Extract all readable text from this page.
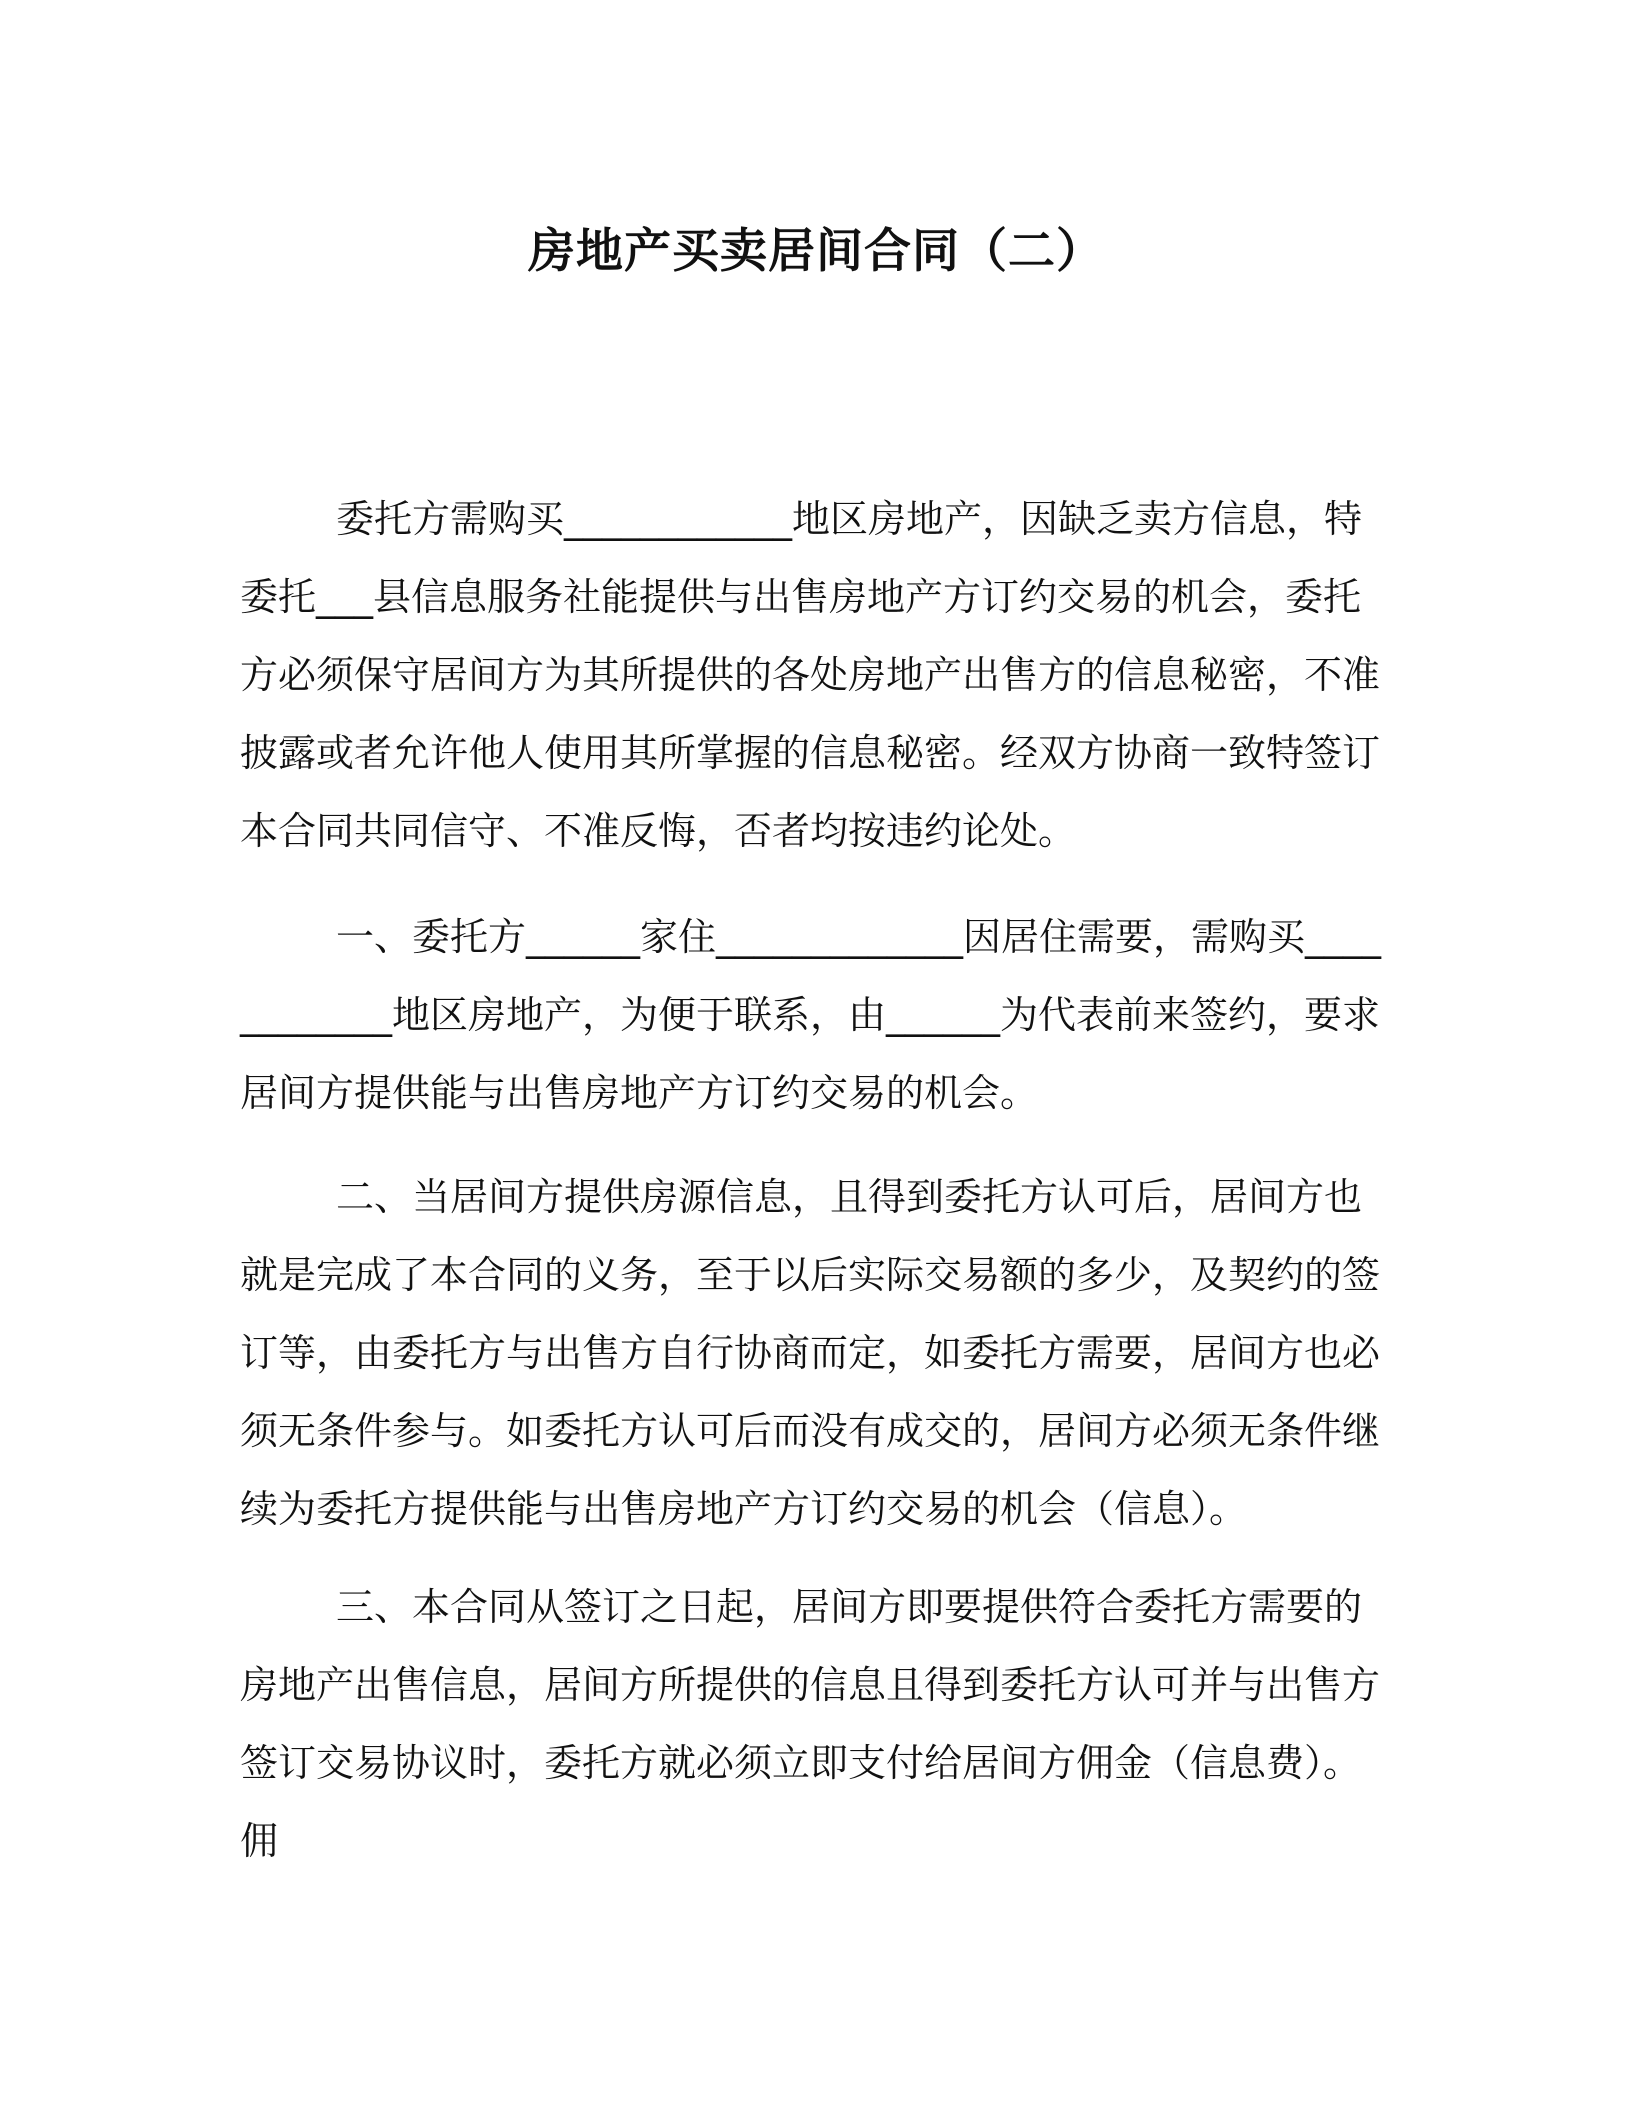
房地产买卖居间合同（二）
委托方需购买____________地区房地产，因缺乏卖方信息，特委托___县信息服务社能提供与出售房地产方订约交易的机会，委托方必须保守居间方为其所提供的各处房地产出售方的信息秘密，不准披露或者允许他人使用其所掌握的信息秘密。经双方协商一致特签订本合同共同信守、不准反悔，否者均按违约论处。
一、委托方______家住_____________因居住需要，需购买____________地区房地产，为便于联系，由______为代表前来签约，要求居间方提供能与出售房地产方订约交易的机会。
二、当居间方提供房源信息，且得到委托方认可后，居间方也就是完成了本合同的义务，至于以后实际交易额的多少，及契约的签订等，由委托方与出售方自行协商而定，如委托方需要，居间方也必须无条件参与。如委托方认可后而没有成交的，居间方必须无条件继续为委托方提供能与出售房地产方订约交易的机会（信息）。
三、本合同从签订之日起，居间方即要提供符合委托方需要的房地产出售信息，居间方所提供的信息且得到委托方认可并与出售方签订交易协议时，委托方就必须立即支付给居间方佣金（信息费）。佣
